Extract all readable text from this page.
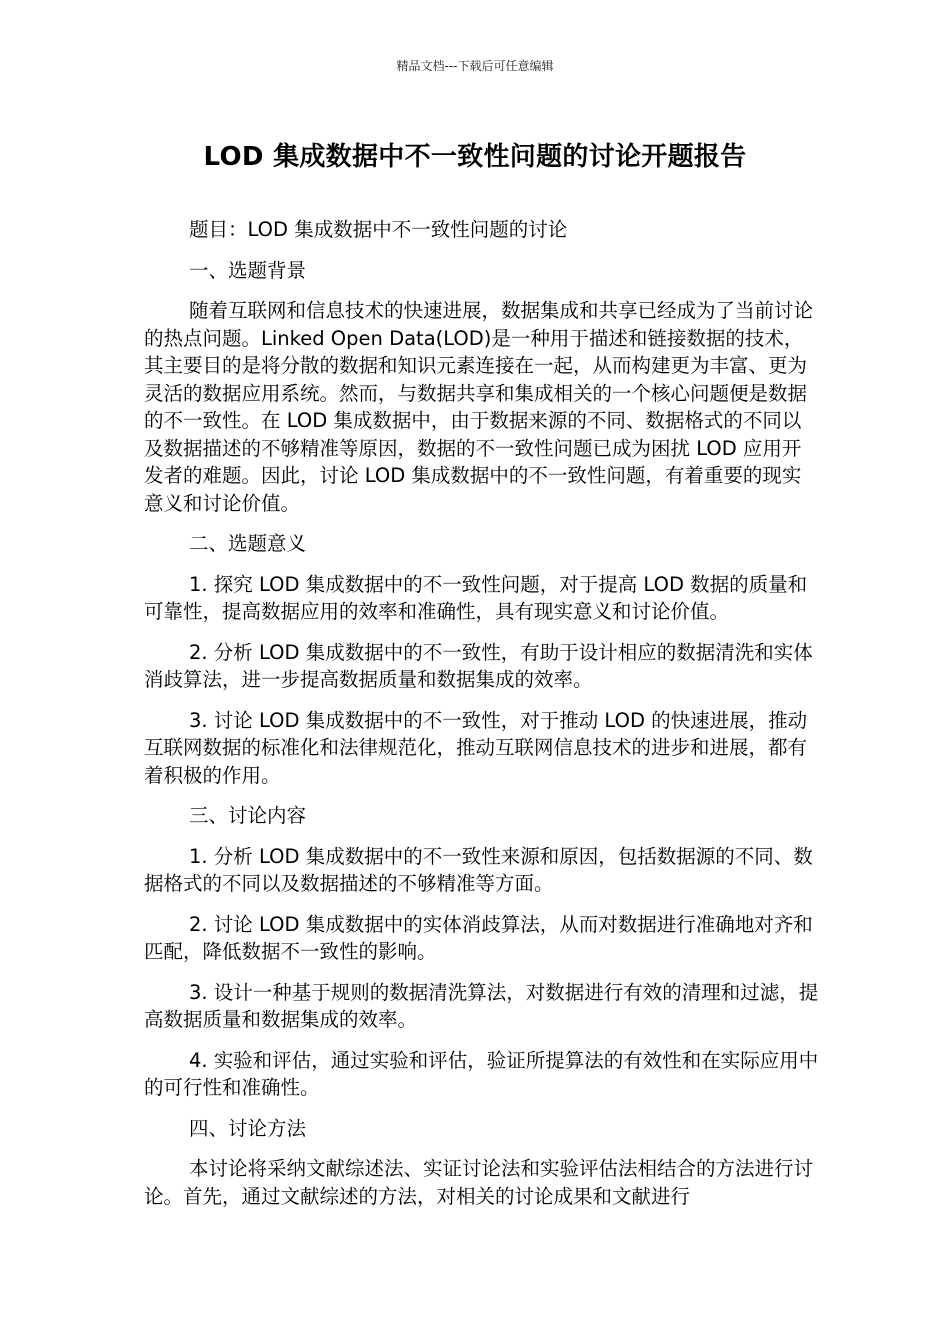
精品文档---下载后可任意编辑
LOD 集成数据中不一致性问题的讨论开题报告

题目：LOD 集成数据中不一致性问题的讨论

一、选题背景

随着互联网和信息技术的快速进展，数据集成和共享已经成为了当前讨论的热点问题。Linked Open Data(LOD)是一种用于描述和链接数据的技术，其主要目的是将分散的数据和知识元素连接在一起，从而构建更为丰富、更为灵活的数据应用系统。然而，与数据共享和集成相关的一个核心问题便是数据的不一致性。在 LOD 集成数据中，由于数据来源的不同、数据格式的不同以及数据描述的不够精准等原因，数据的不一致性问题已成为困扰 LOD 应用开发者的难题。因此，讨论 LOD 集成数据中的不一致性问题，有着重要的现实意义和讨论价值。

二、选题意义

1. 探究 LOD 集成数据中的不一致性问题，对于提高 LOD 数据的质量和可靠性，提高数据应用的效率和准确性，具有现实意义和讨论价值。

2. 分析 LOD 集成数据中的不一致性，有助于设计相应的数据清洗和实体消歧算法，进一步提高数据质量和数据集成的效率。

3. 讨论 LOD 集成数据中的不一致性，对于推动 LOD 的快速进展，推动互联网数据的标准化和法律规范化，推动互联网信息技术的进步和进展，都有着积极的作用。

三、讨论内容

1. 分析 LOD 集成数据中的不一致性来源和原因，包括数据源的不同、数据格式的不同以及数据描述的不够精准等方面。

2. 讨论 LOD 集成数据中的实体消歧算法，从而对数据进行准确地对齐和匹配，降低数据不一致性的影响。

3. 设计一种基于规则的数据清洗算法，对数据进行有效的清理和过滤，提高数据质量和数据集成的效率。

4. 实验和评估，通过实验和评估，验证所提算法的有效性和在实际应用中的可行性和准确性。

四、讨论方法

本讨论将采纳文献综述法、实证讨论法和实验评估法相结合的方法进行讨论。首先，通过文献综述的方法，对相关的讨论成果和文献进行
